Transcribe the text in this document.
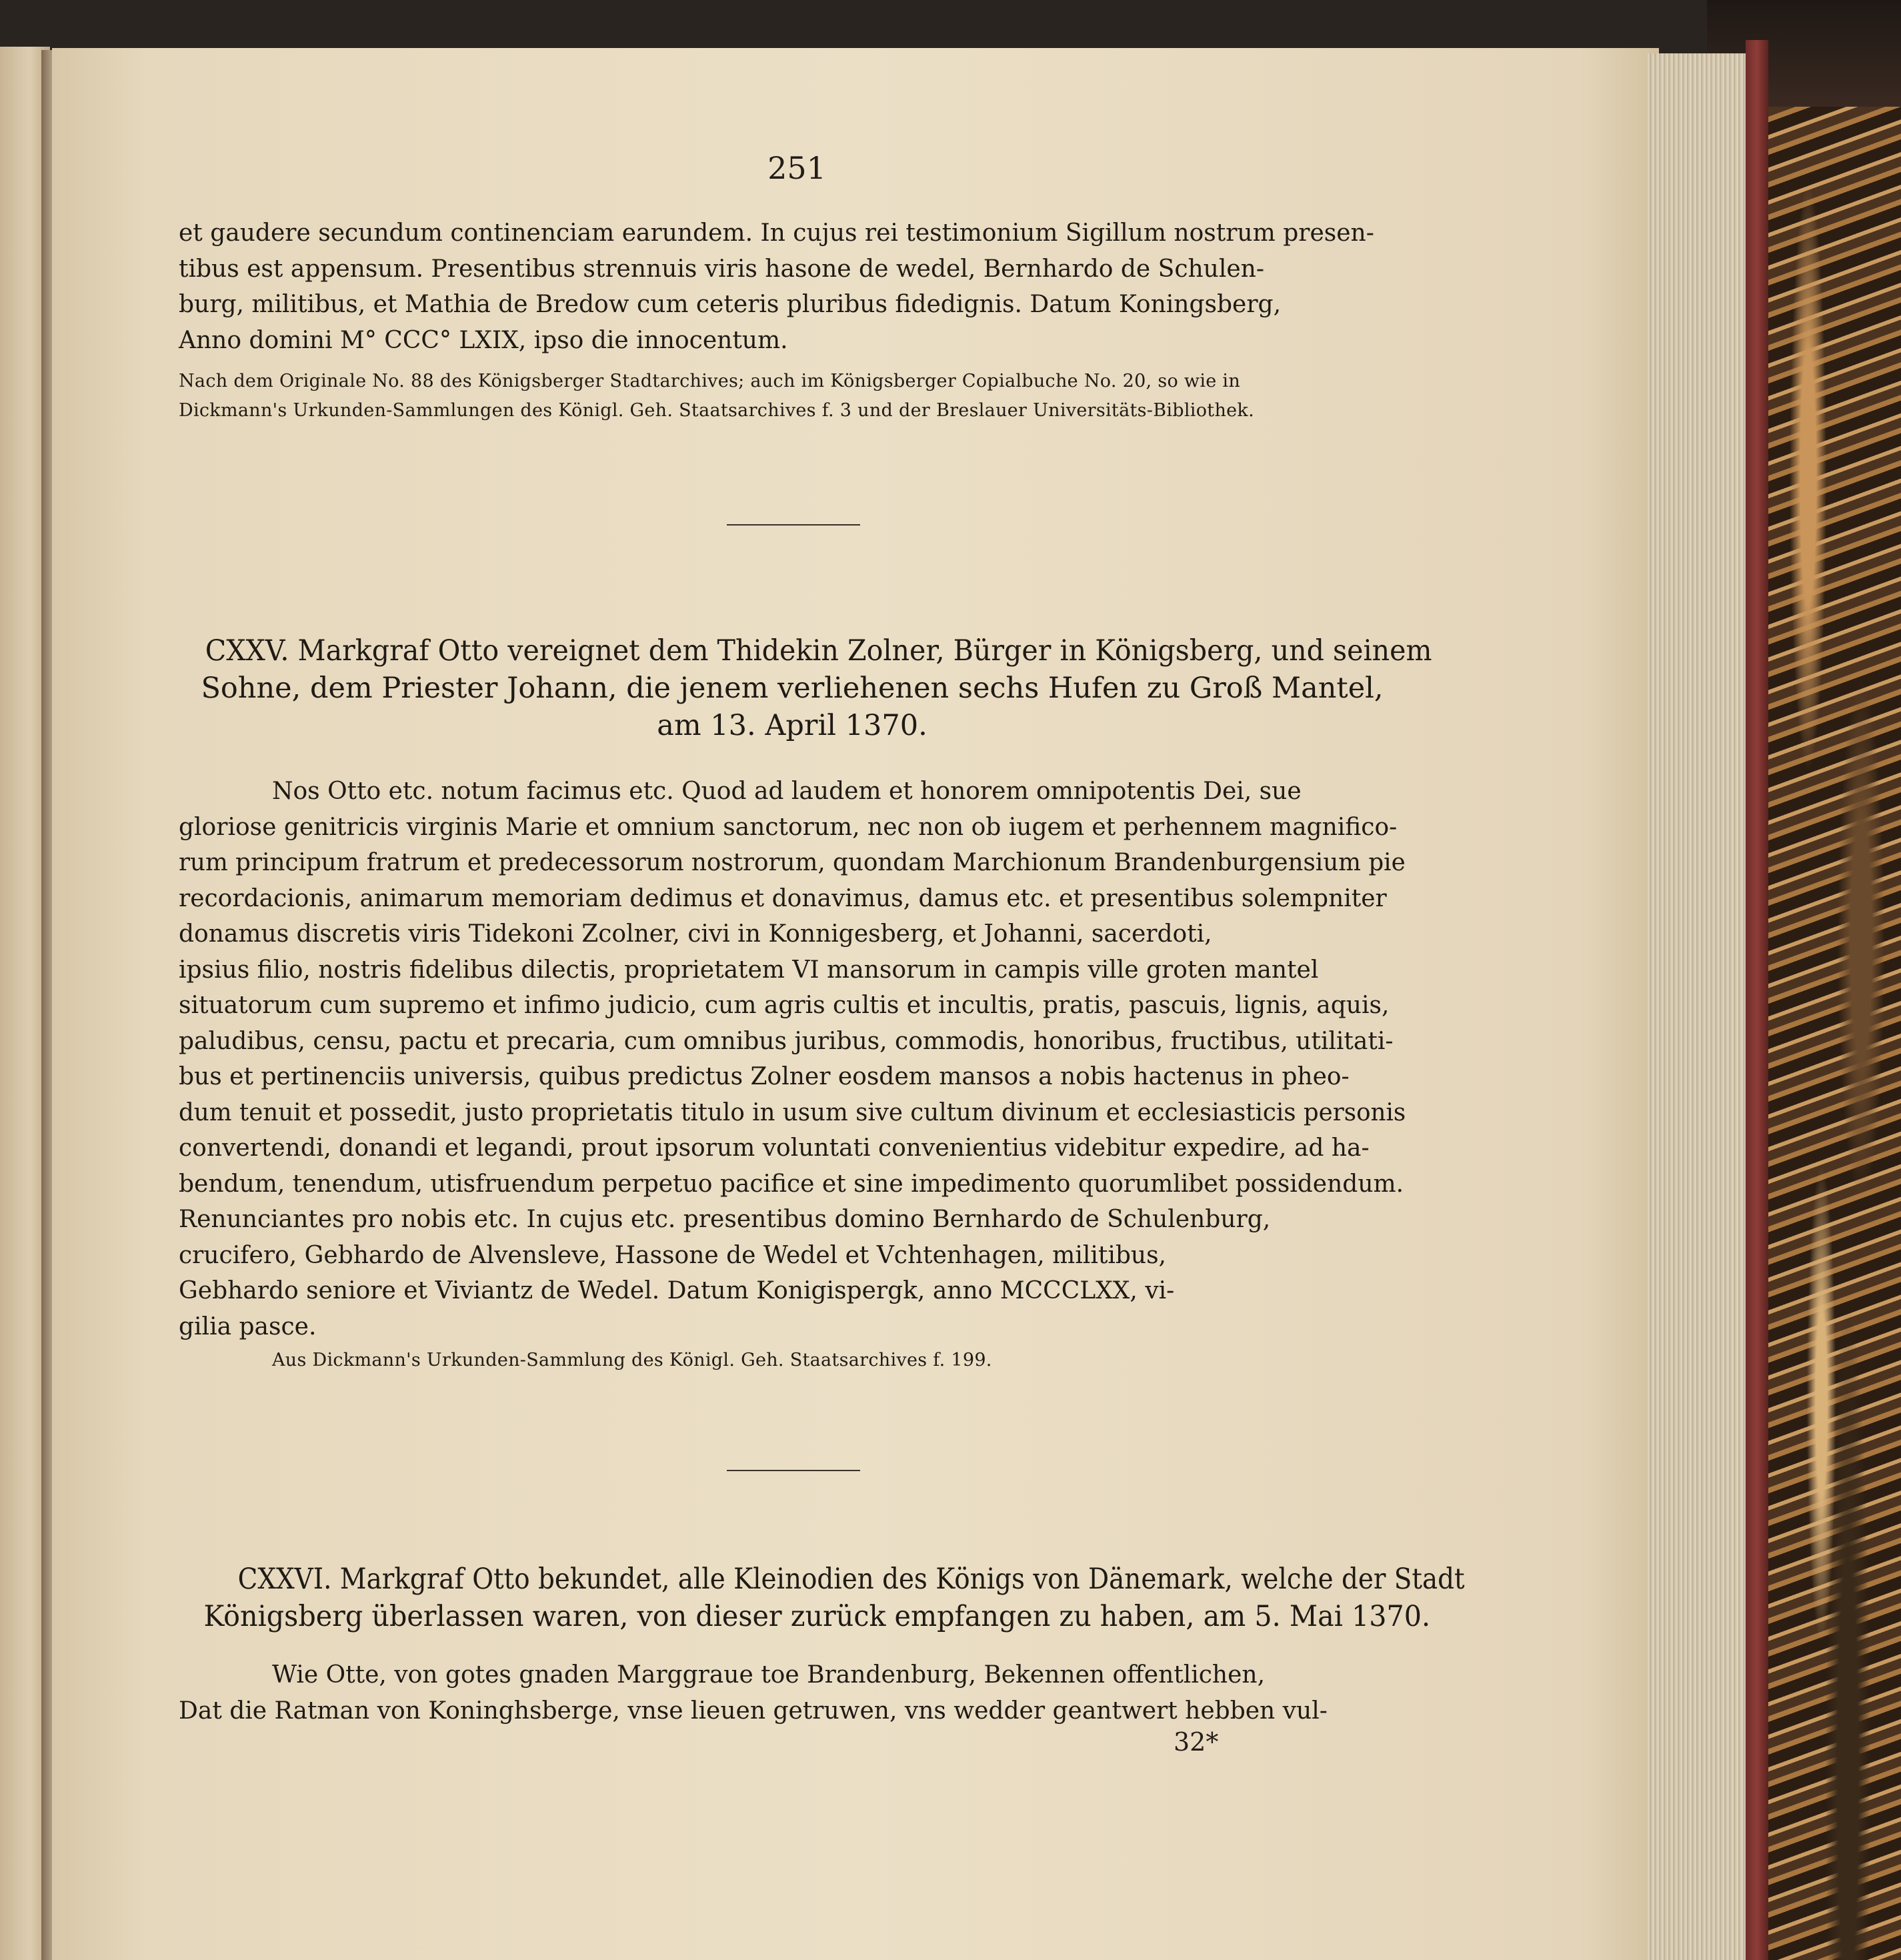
251
et gaudere secundum continenciam earundem. In cujus rei testimonium Sigillum nostrum presen-
tibus est appensum. Presentibus strennuis viris hasone de wedel, Bernhardo de Schulen-
burg, militibus, et Mathia de Bredow cum ceteris pluribus fidedignis. Datum Koningsberg,
Anno domini M° CCC° LXIX, ipso die innocentum.
Nach dem Originale No. 88 des Königsberger Stadtarchives; auch im Königsberger Copialbuche No. 20, so wie in
Dickmann's Urkunden-Sammlungen des Königl. Geh. Staatsarchives f. 3 und der Breslauer Universitäts-Bibliothek.
CXXV. Markgraf Otto vereignet dem Thidekin Zolner, Bürger in Königsberg, und seinem
Sohne, dem Priester Johann, die jenem verliehenen sechs Hufen zu Groß Mantel,
am 13. April 1370.
Nos Otto etc. notum facimus etc. Quod ad laudem et honorem omnipotentis Dei, sue
gloriose genitricis virginis Marie et omnium sanctorum, nec non ob iugem et perhennem magnifico-
rum principum fratrum et predecessorum nostrorum, quondam Marchionum Brandenburgensium pie
recordacionis, animarum memoriam dedimus et donavimus, damus etc. et presentibus solempniter
donamus discretis viris Tidekoni Zcolner, civi in Konnigesberg, et Johanni, sacerdoti,
ipsius filio, nostris fidelibus dilectis, proprietatem VI mansorum in campis ville groten mantel
situatorum cum supremo et infimo judicio, cum agris cultis et incultis, pratis, pascuis, lignis, aquis,
paludibus, censu, pactu et precaria, cum omnibus juribus, commodis, honoribus, fructibus, utilitati-
bus et pertinenciis universis, quibus predictus Zolner eosdem mansos a nobis hactenus in pheo-
dum tenuit et possedit, justo proprietatis titulo in usum sive cultum divinum et ecclesiasticis personis
convertendi, donandi et legandi, prout ipsorum voluntati convenientius videbitur expedire, ad ha-
bendum, tenendum, utisfruendum perpetuo pacifice et sine impedimento quorumlibet possidendum.
Renunciantes pro nobis etc. In cujus etc. presentibus domino Bernhardo de Schulenburg,
crucifero, Gebhardo de Alvensleve, Hassone de Wedel et Vchtenhagen, militibus,
Gebhardo seniore et Viviantz de Wedel. Datum Konigispergk, anno MCCCLXX, vi-
gilia pasce.
Aus Dickmann's Urkunden-Sammlung des Königl. Geh. Staatsarchives f. 199.
CXXVI. Markgraf Otto bekundet, alle Kleinodien des Königs von Dänemark, welche der Stadt
Königsberg überlassen waren, von dieser zurück empfangen zu haben, am 5. Mai 1370.
Wie Otte, von gotes gnaden Marggraue toe Brandenburg, Bekennen offentlichen,
Dat die Ratman von Koninghsberge, vnse lieuen getruwen, vns wedder geantwert hebben vul-
32*
